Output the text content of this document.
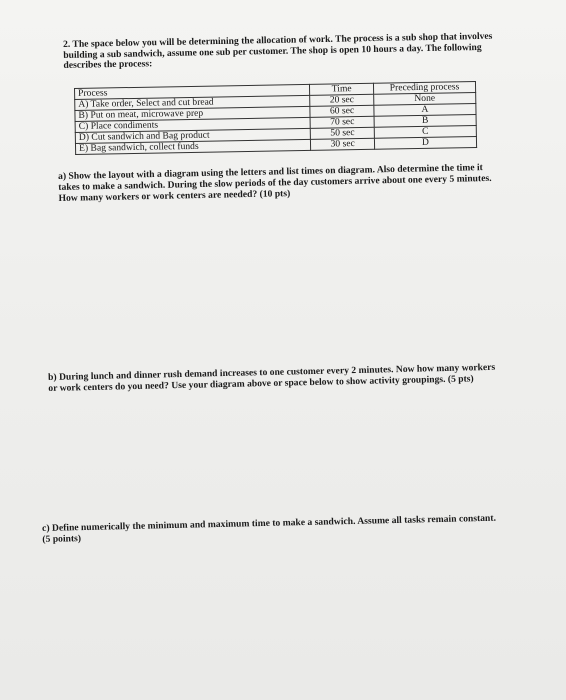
2. The space below you will be determining the allocation of work. The process is a sub shop that involves building a sub sandwich, assume one sub per customer. The shop is open 10 hours a day. The following describes the process:
Process	Time	Preceding process
A) Take order, Select and cut bread	20 sec	None
B) Put on meat, microwave prep	60 sec	A
C) Place condiments	70 sec	B
D) Cut sandwich and Bag product	50 sec	C
E) Bag sandwich, collect funds	30 sec	D
a) Show the layout with a diagram using the letters and list times on diagram. Also determine the time it takes to make a sandwich. During the slow periods of the day customers arrive about one every 5 minutes. How many workers or work centers are needed? (10 pts)
b) During lunch and dinner rush demand increases to one customer every 2 minutes. Now how many workers or work centers do you need? Use your diagram above or space below to show activity groupings. (5 pts)
c) Define numerically the minimum and maximum time to make a sandwich. Assume all tasks remain constant. (5 points)
